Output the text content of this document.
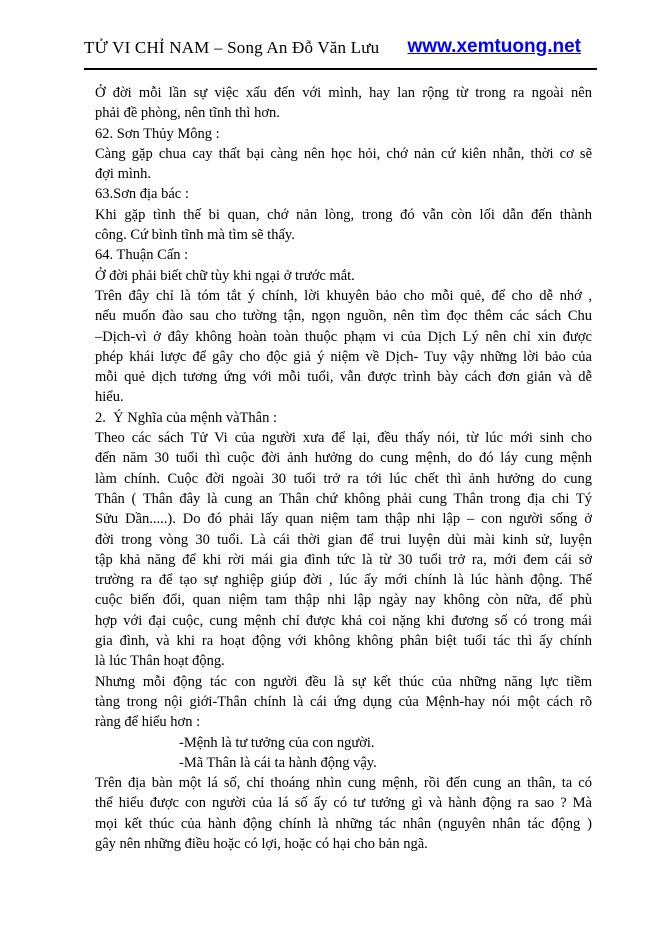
TỬ VI CHỈ NAM – Song An Đỗ Văn Lưu www.xemtuong.net
Ở đời mỗi lần sự việc xấu đến với mình, hay lan rộng từ trong ra ngoài nên
phải đề phòng, nên tĩnh thì hơn.
62. Sơn Thủy Mông :
Càng gặp chua cay thất bại càng nên học hỏi, chớ nản cứ kiên nhẫn, thời cơ sẽ
đợi mình.
63.Sơn địa bác :
Khi gặp tình thế bi quan, chớ nản lòng, trong đó vẫn còn lối dẫn đến thành
công. Cứ bình tĩnh mà tìm sẽ thấy.
64. Thuận Cấn :
Ở đời phải biết chữ tùy khi ngại ở trước mắt.
Trên đây chỉ là tóm tắt ý chính, lời khuyên bảo cho mỗi quẻ, để cho dễ nhớ ,
nếu muốn đào sau cho tường tận, ngọn nguồn, nên tìm đọc thêm các sách Chu
–Dịch-vì ở đây không hoàn toàn thuộc phạm vi của Dịch Lý nên chỉ xin được
phép khái lược để gây cho độc giả ý niệm về Dịch- Tuy vậy những lời bảo của
mỗi quẻ dịch tương ứng với mỗi tuổi, vẫn được trình bày cách đơn giản và dễ
hiểu.
2.  Ý Nghĩa của mệnh vàThân :
Theo các sách Tử Vi của người xưa để lại, đều thấy nói, từ lúc mới sinh cho
đến năm 30 tuổi thì cuộc đời ảnh hưởng do cung mệnh, do đó láy cung mệnh
làm chính. Cuộc đời ngoài 30 tuổi trở ra tới lúc chết thì ảnh hưởng do cung
Thân ( Thân đây là cung an Thân chứ không phải cung Thân trong địa chi Tý
Sửu Dần.....). Do đó phải lấy quan niệm tam thập nhi lập – con người sống ở
đời trong vòng 30 tuổi. Là cái thời gian để trui luyện dùi mài kinh sử, luyện
tập khả năng để khi rời mái gia đình tức là từ 30 tuổi trở ra, mới đem cái sở
trường ra để tạo sự nghiệp giúp đời , lúc ấy mới chính là lúc hành động. Thế
cuộc biến đổi, quan niệm tam thập nhi lập ngày nay không còn nữa, để phù
hợp với đại cuộc, cung mệnh chỉ được khả coi nặng khi đương số có trong mái
gia đình, và khi ra hoạt động với không không phân biệt tuổi tác thì ấy chính
là lúc Thân hoạt động.
Nhưng mỗi động tác con người đều là sự kết thúc của những năng lực tiềm
tàng trong nội giới-Thân chính là cái ứng dụng của Mệnh-hay nói một cách rõ
ràng để hiểu hơn :
-Mệnh là tư tưởng của con người.
-Mã Thân là cái ta hành động vậy.
Trên địa bàn một lá số, chỉ thoáng nhìn cung mệnh, rồi đến cung an thân, ta có
thể hiểu được con người của lá số ấy có tư tưởng gì và hành động ra sao ? Mà
mọi kết thúc của hành động chính là những tác nhân (nguyên nhân tác động )
gây nên những điều hoặc có lợi, hoặc có hại cho bản ngã.
